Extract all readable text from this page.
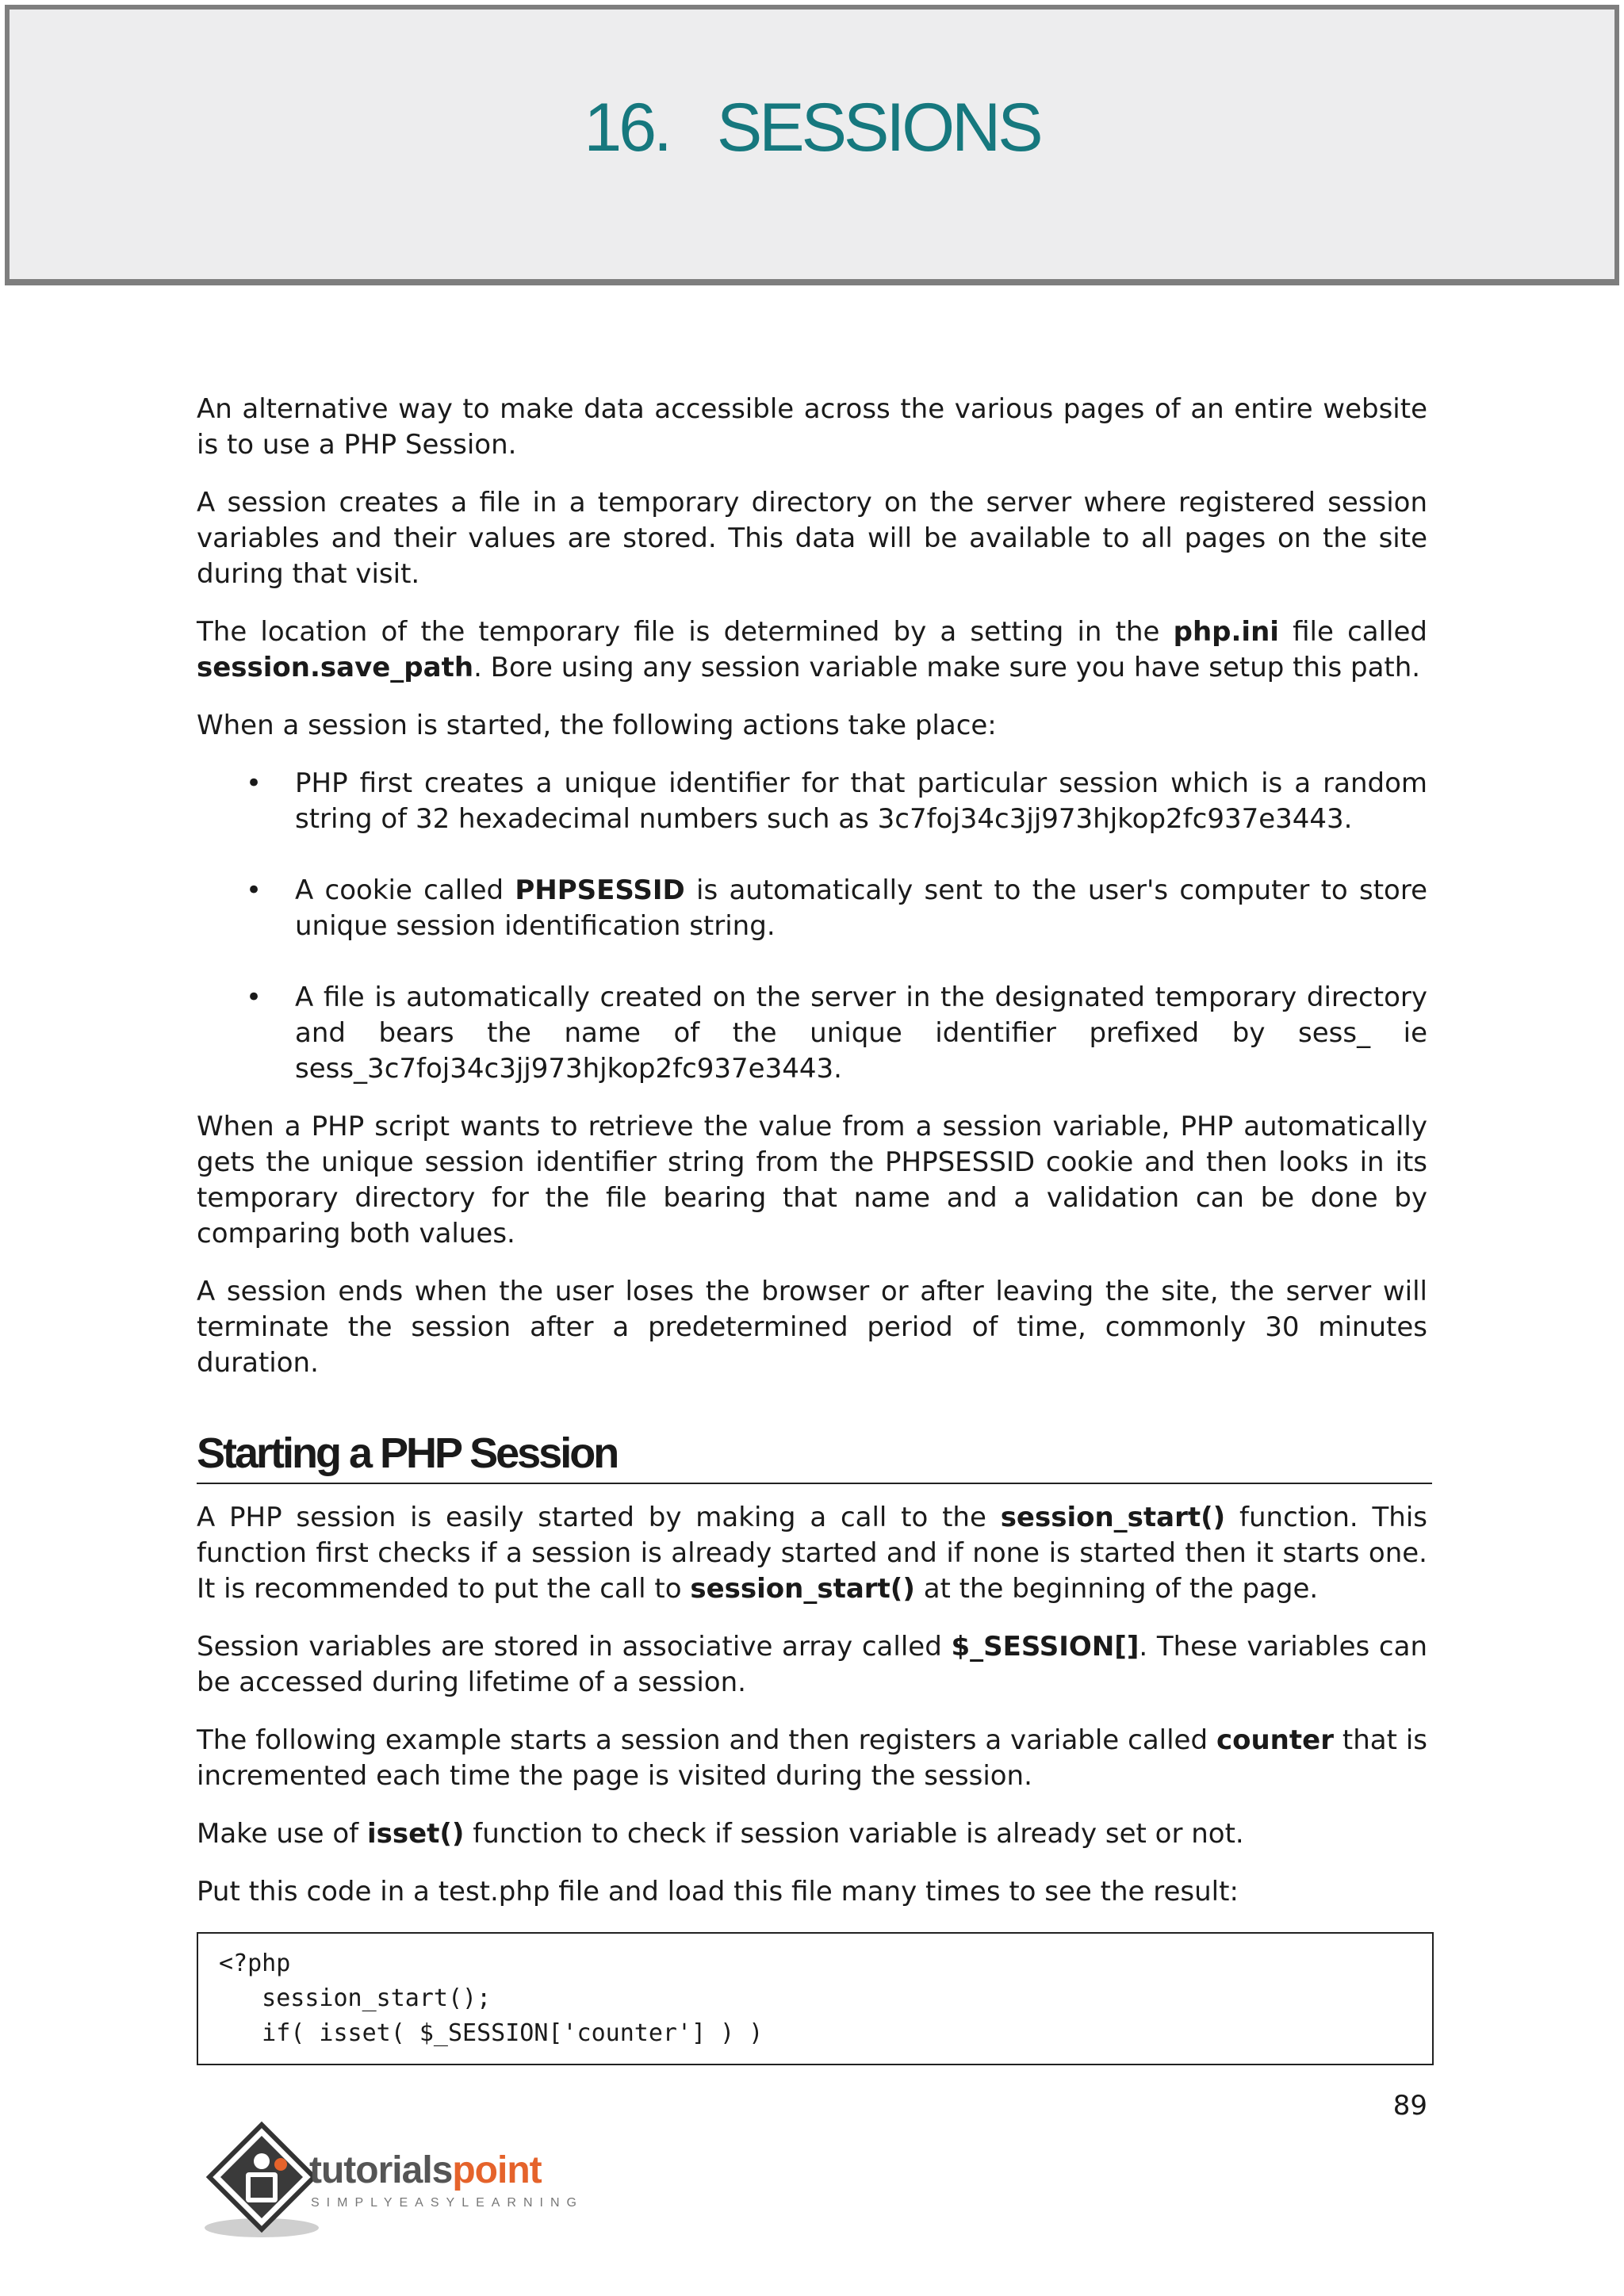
16. SESSIONS

An alternative way to make data accessible across the various pages of an entire website is to use a PHP Session.

A session creates a file in a temporary directory on the server where registered session variables and their values are stored. This data will be available to all pages on the site during that visit.

The location of the temporary file is determined by a setting in the php.ini file called session.save_path. Bore using any session variable make sure you have setup this path.

When a session is started, the following actions take place:

• PHP first creates a unique identifier for that particular session which is a random string of 32 hexadecimal numbers such as 3c7foj34c3jj973hjkop2fc937e3443.
• A cookie called PHPSESSID is automatically sent to the user's computer to store unique session identification string.
• A file is automatically created on the server in the designated temporary directory and bears the name of the unique identifier prefixed by sess_ ie sess_3c7foj34c3jj973hjkop2fc937e3443.

When a PHP script wants to retrieve the value from a session variable, PHP automatically gets the unique session identifier string from the PHPSESSID cookie and then looks in its temporary directory for the file bearing that name and a validation can be done by comparing both values.

A session ends when the user loses the browser or after leaving the site, the server will terminate the session after a predetermined period of time, commonly 30 minutes duration.

Starting a PHP Session

A PHP session is easily started by making a call to the session_start() function. This function first checks if a session is already started and if none is started then it starts one. It is recommended to put the call to session_start() at the beginning of the page.

Session variables are stored in associative array called $_SESSION[]. These variables can be accessed during lifetime of a session.

The following example starts a session and then registers a variable called counter that is incremented each time the page is visited during the session.

Make use of isset() function to check if session variable is already set or not.

Put this code in a test.php file and load this file many times to see the result:

<?php
session_start();
if( isset( $_SESSION['counter'] ) )
89
tutorialspoint
SIMPLYEASYLEARNING
